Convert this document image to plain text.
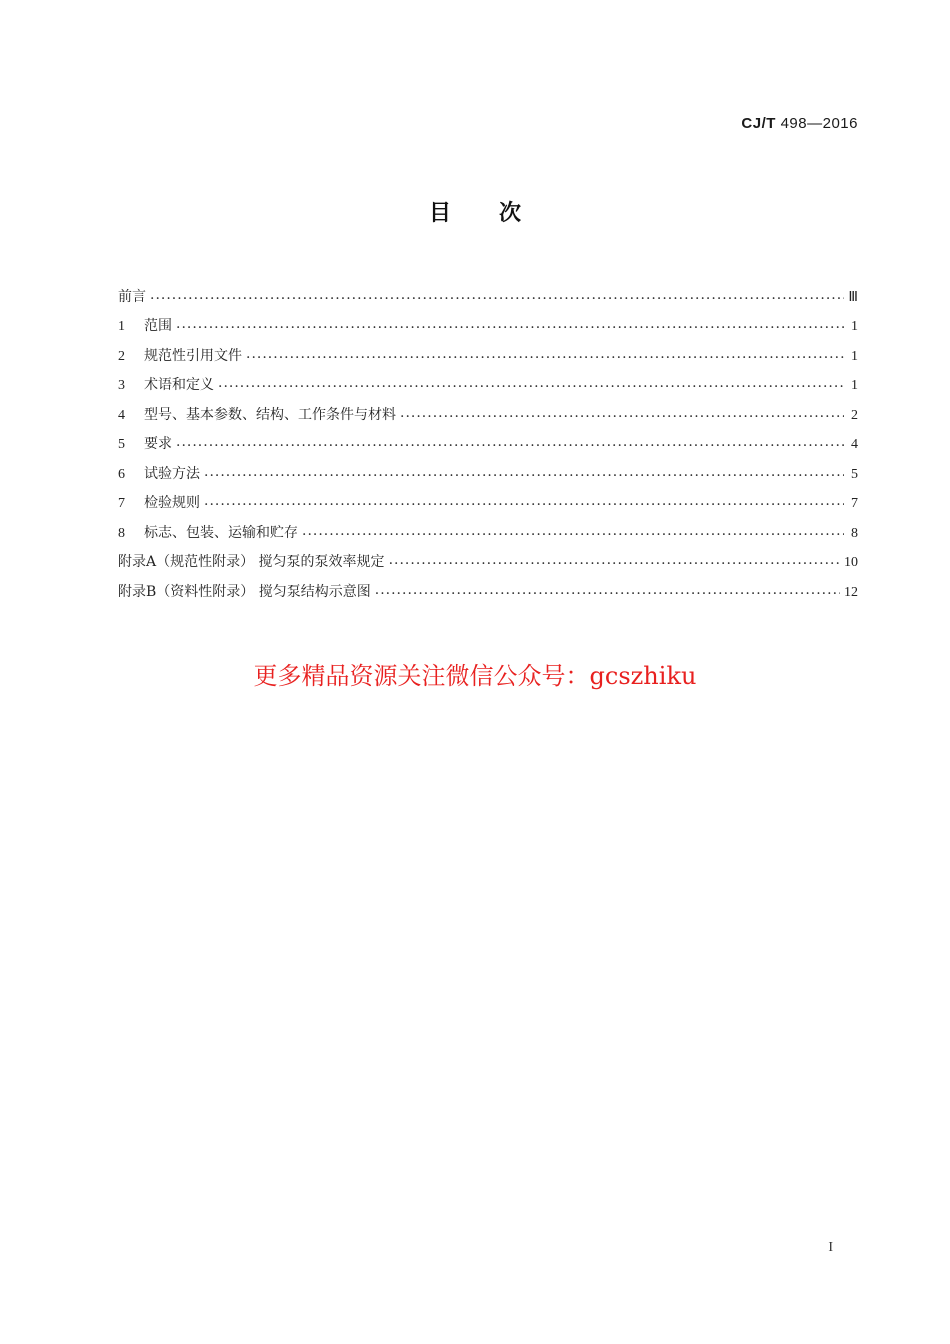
CJ/T 498—2016
目次
前言 ·····	Ⅲ
1	范围 ·····	1
2	规范性引用文件 ·····	1
3	术语和定义 ·····	1
4	型号、基本参数、结构、工作条件与材料 ·····	2
5	要求 ·····	4
6	试验方法 ·····	5
7	检验规则 ·····	7
8	标志、包装、运输和贮存 ·····	8
附录A（规范性附录） 搅匀泵的泵效率规定 ·····	10
附录B（资料性附录） 搅匀泵结构示意图 ·····	12
更多精品资源关注微信公众号：gcszhiku
I
